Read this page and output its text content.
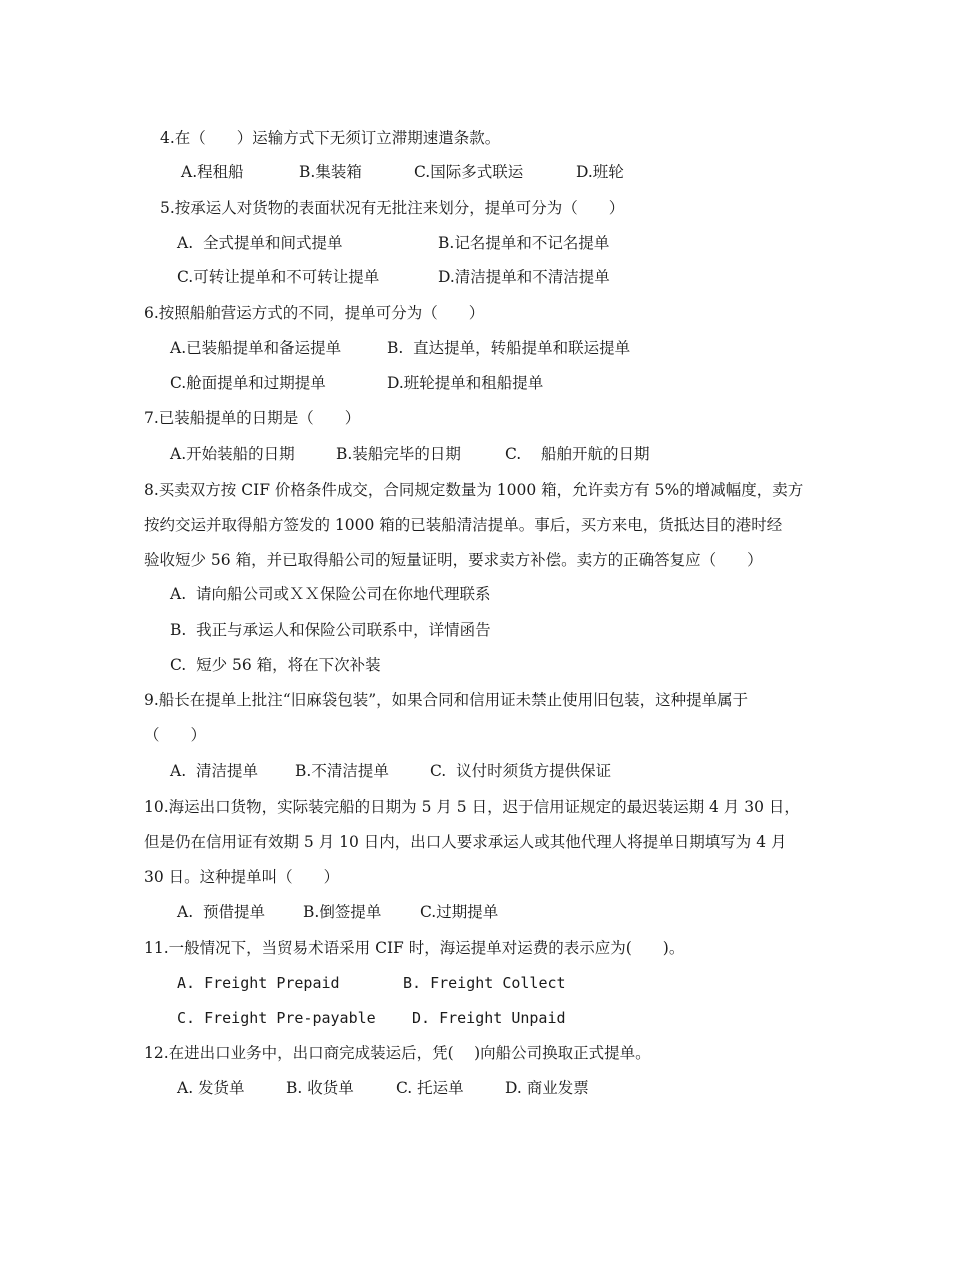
4.在（　　）运输方式下无须订立滞期速遣条款。
A.程租船	B.集装箱	C.国际多式联运	D.班轮
5.按承运人对货物的表面状况有无批注来划分，提单可分为（　　）
A.  全式提单和间式提单	B.记名提单和不记名提单
C.可转让提单和不可转让提单	D.清洁提单和不清洁提单
6.按照船舶营运方式的不同，提单可分为（　　）
A.已装船提单和备运提单	B.  直达提单，转船提单和联运提单
C.舱面提单和过期提单	D.班轮提单和租船提单
7.已装船提单的日期是（　　）
A.开始装船的日期	B.装船完毕的日期	C.    船舶开航的日期
8.买卖双方按 CIF 价格条件成交，合同规定数量为 1000 箱，允许卖方有 5%的增减幅度，卖方
按约交运并取得船方签发的 1000 箱的已装船清洁提单。事后，买方来电，货抵达目的港时经
验收短少 56 箱，并已取得船公司的短量证明，要求卖方补偿。卖方的正确答复应（　　）
A.  请向船公司或ＸＸ保险公司在你地代理联系
B.  我正与承运人和保险公司联系中，详情函告
C.  短少 56 箱，将在下次补装
9.船长在提单上批注“旧麻袋包装”，如果合同和信用证未禁止使用旧包装，这种提单属于
（　　）
A.  清洁提单 B.不清洁提单	C.  议付时须货方提供保证
10.海运出口货物，实际装完船的日期为 5 月 5 日，迟于信用证规定的最迟装运期 4 月 30 日，
但是仍在信用证有效期 5 月 10 日内，出口人要求承运人或其他代理人将提单日期填写为 4 月
30 日。这种提单叫（　　）
A.  预借提单 B.倒签提单 C.过期提单
11.一般情况下，当贸易术语采用 CIF 时，海运提单对运费的表示应为(　　)。
A. Freight Prepaid	B. Freight Collect
C. Freight Pre-payable D. Freight Unpaid
12.在进出口业务中，出口商完成装运后，凭(　 )向船公司换取正式提单。
A. 发货单	B. 收货单	C. 托运单	D. 商业发票
